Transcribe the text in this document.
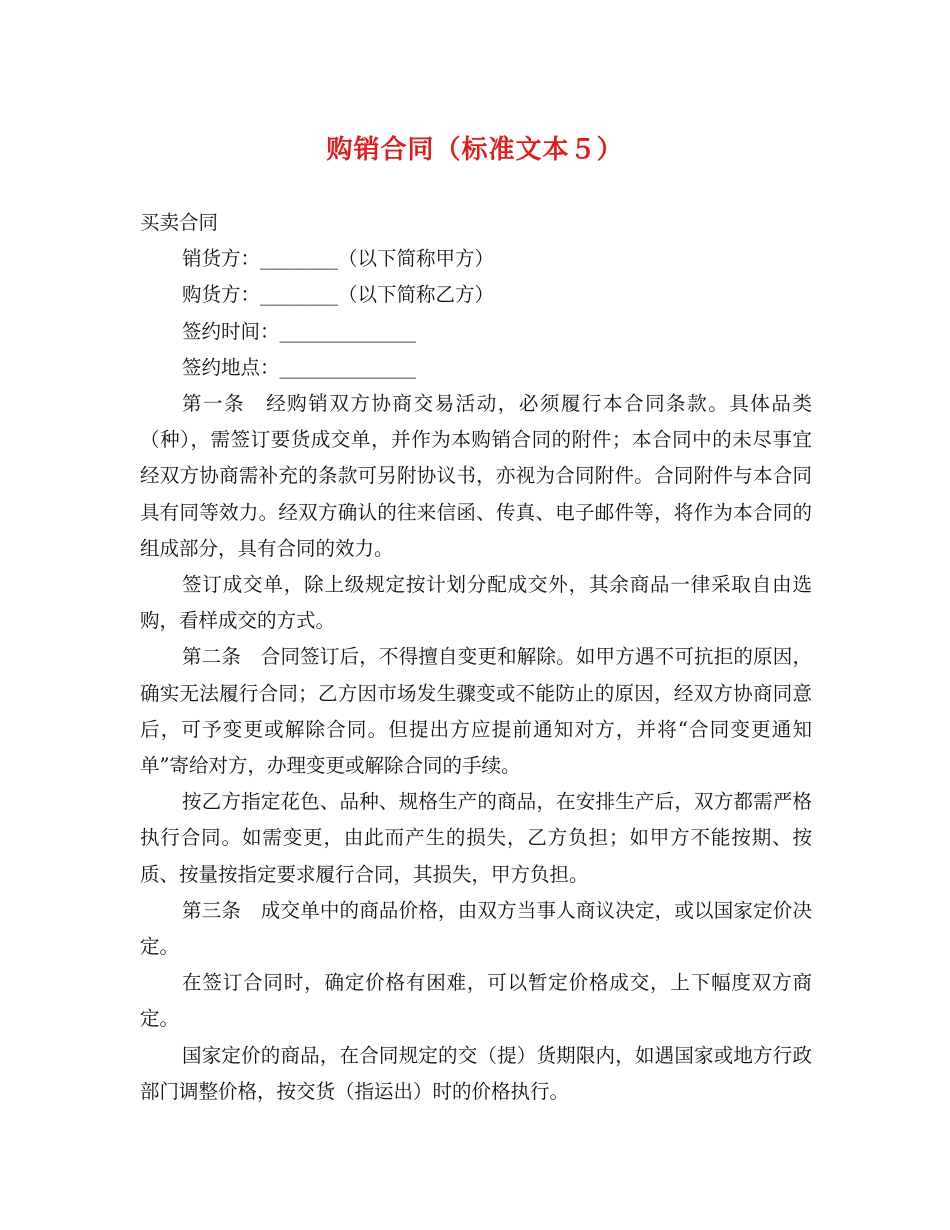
购销合同（标准文本５）
买卖合同
销货方：________（以下简称甲方）
购货方：________（以下简称乙方）
签约时间：______________
签约地点：______________

第一条　经购销双方协商交易活动，必须履行本合同条款。具体品类（种），需签订要货成交单，并作为本购销合同的附件；本合同中的未尽事宜经双方协商需补充的条款可另附协议书，亦视为合同附件。合同附件与本合同具有同等效力。经双方确认的往来信函、传真、电子邮件等，将作为本合同的组成部分，具有合同的效力。

签订成交单，除上级规定按计划分配成交外，其余商品一律采取自由选购，看样成交的方式。

第二条　合同签订后，不得擅自变更和解除。如甲方遇不可抗拒的原因，确实无法履行合同；乙方因市场发生骤变或不能防止的原因，经双方协商同意后，可予变更或解除合同。但提出方应提前通知对方，并将“合同变更通知单”寄给对方，办理变更或解除合同的手续。

按乙方指定花色、品种、规格生产的商品，在安排生产后，双方都需严格执行合同。如需变更，由此而产生的损失，乙方负担；如甲方不能按期、按质、按量按指定要求履行合同，其损失，甲方负担。

第三条　成交单中的商品价格，由双方当事人商议决定，或以国家定价决定。

在签订合同时，确定价格有困难，可以暂定价格成交，上下幅度双方商定。

国家定价的商品，在合同规定的交（提）货期限内，如遇国家或地方行政部门调整价格，按交货（指运出）时的价格执行。
